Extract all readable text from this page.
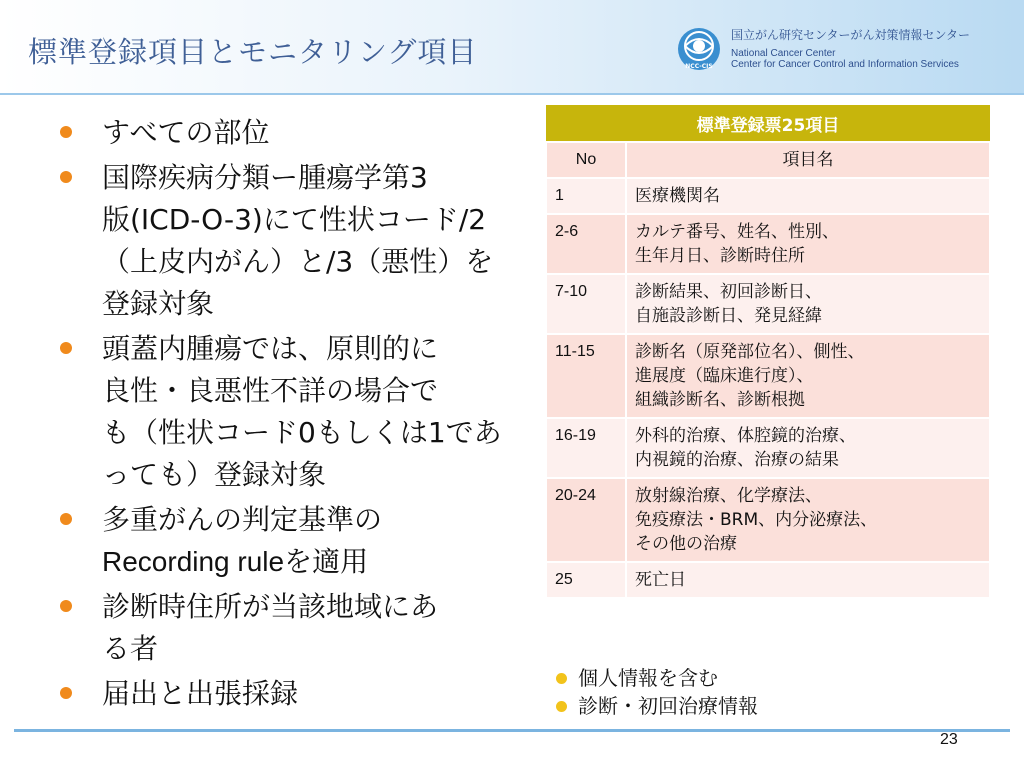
標準登録項目とモニタリング項目	NCC-CIS
国立がん研究センターがん対策情報センター
National Cancer Center
Center for Cancer Control and Information Services
すべての部位
国際疾病分類ー腫瘍学第3
版(ICD-O-3)にて性状コード/2
（上皮内がん）と/3（悪性）を
登録対象
頭蓋内腫瘍では、原則的に
良性・良悪性不詳の場合で
も（性状コード0もしくは1であ
っても）登録対象
多重がんの判定基準の
Recording ruleを適用
診断時住所が当該地域にあ
る者
届出と出張採録
標準登録票25項目	
No	項目名
1	医療機関名
2-6	カルテ番号、姓名、性別、
生年月日、診断時住所
7-10	診断結果、初回診断日、
自施設診断日、発見経緯
11-15	診断名（原発部位名）、側性、
進展度（臨床進行度）、
組織診断名、診断根拠
16-19	外科的治療、体腔鏡的治療、
内視鏡的治療、治療の結果
20-24	放射線治療、化学療法、
免疫療法・BRM、内分泌療法、
その他の治療
25	死亡日
個人情報を含む
診断・初回治療情報
23
